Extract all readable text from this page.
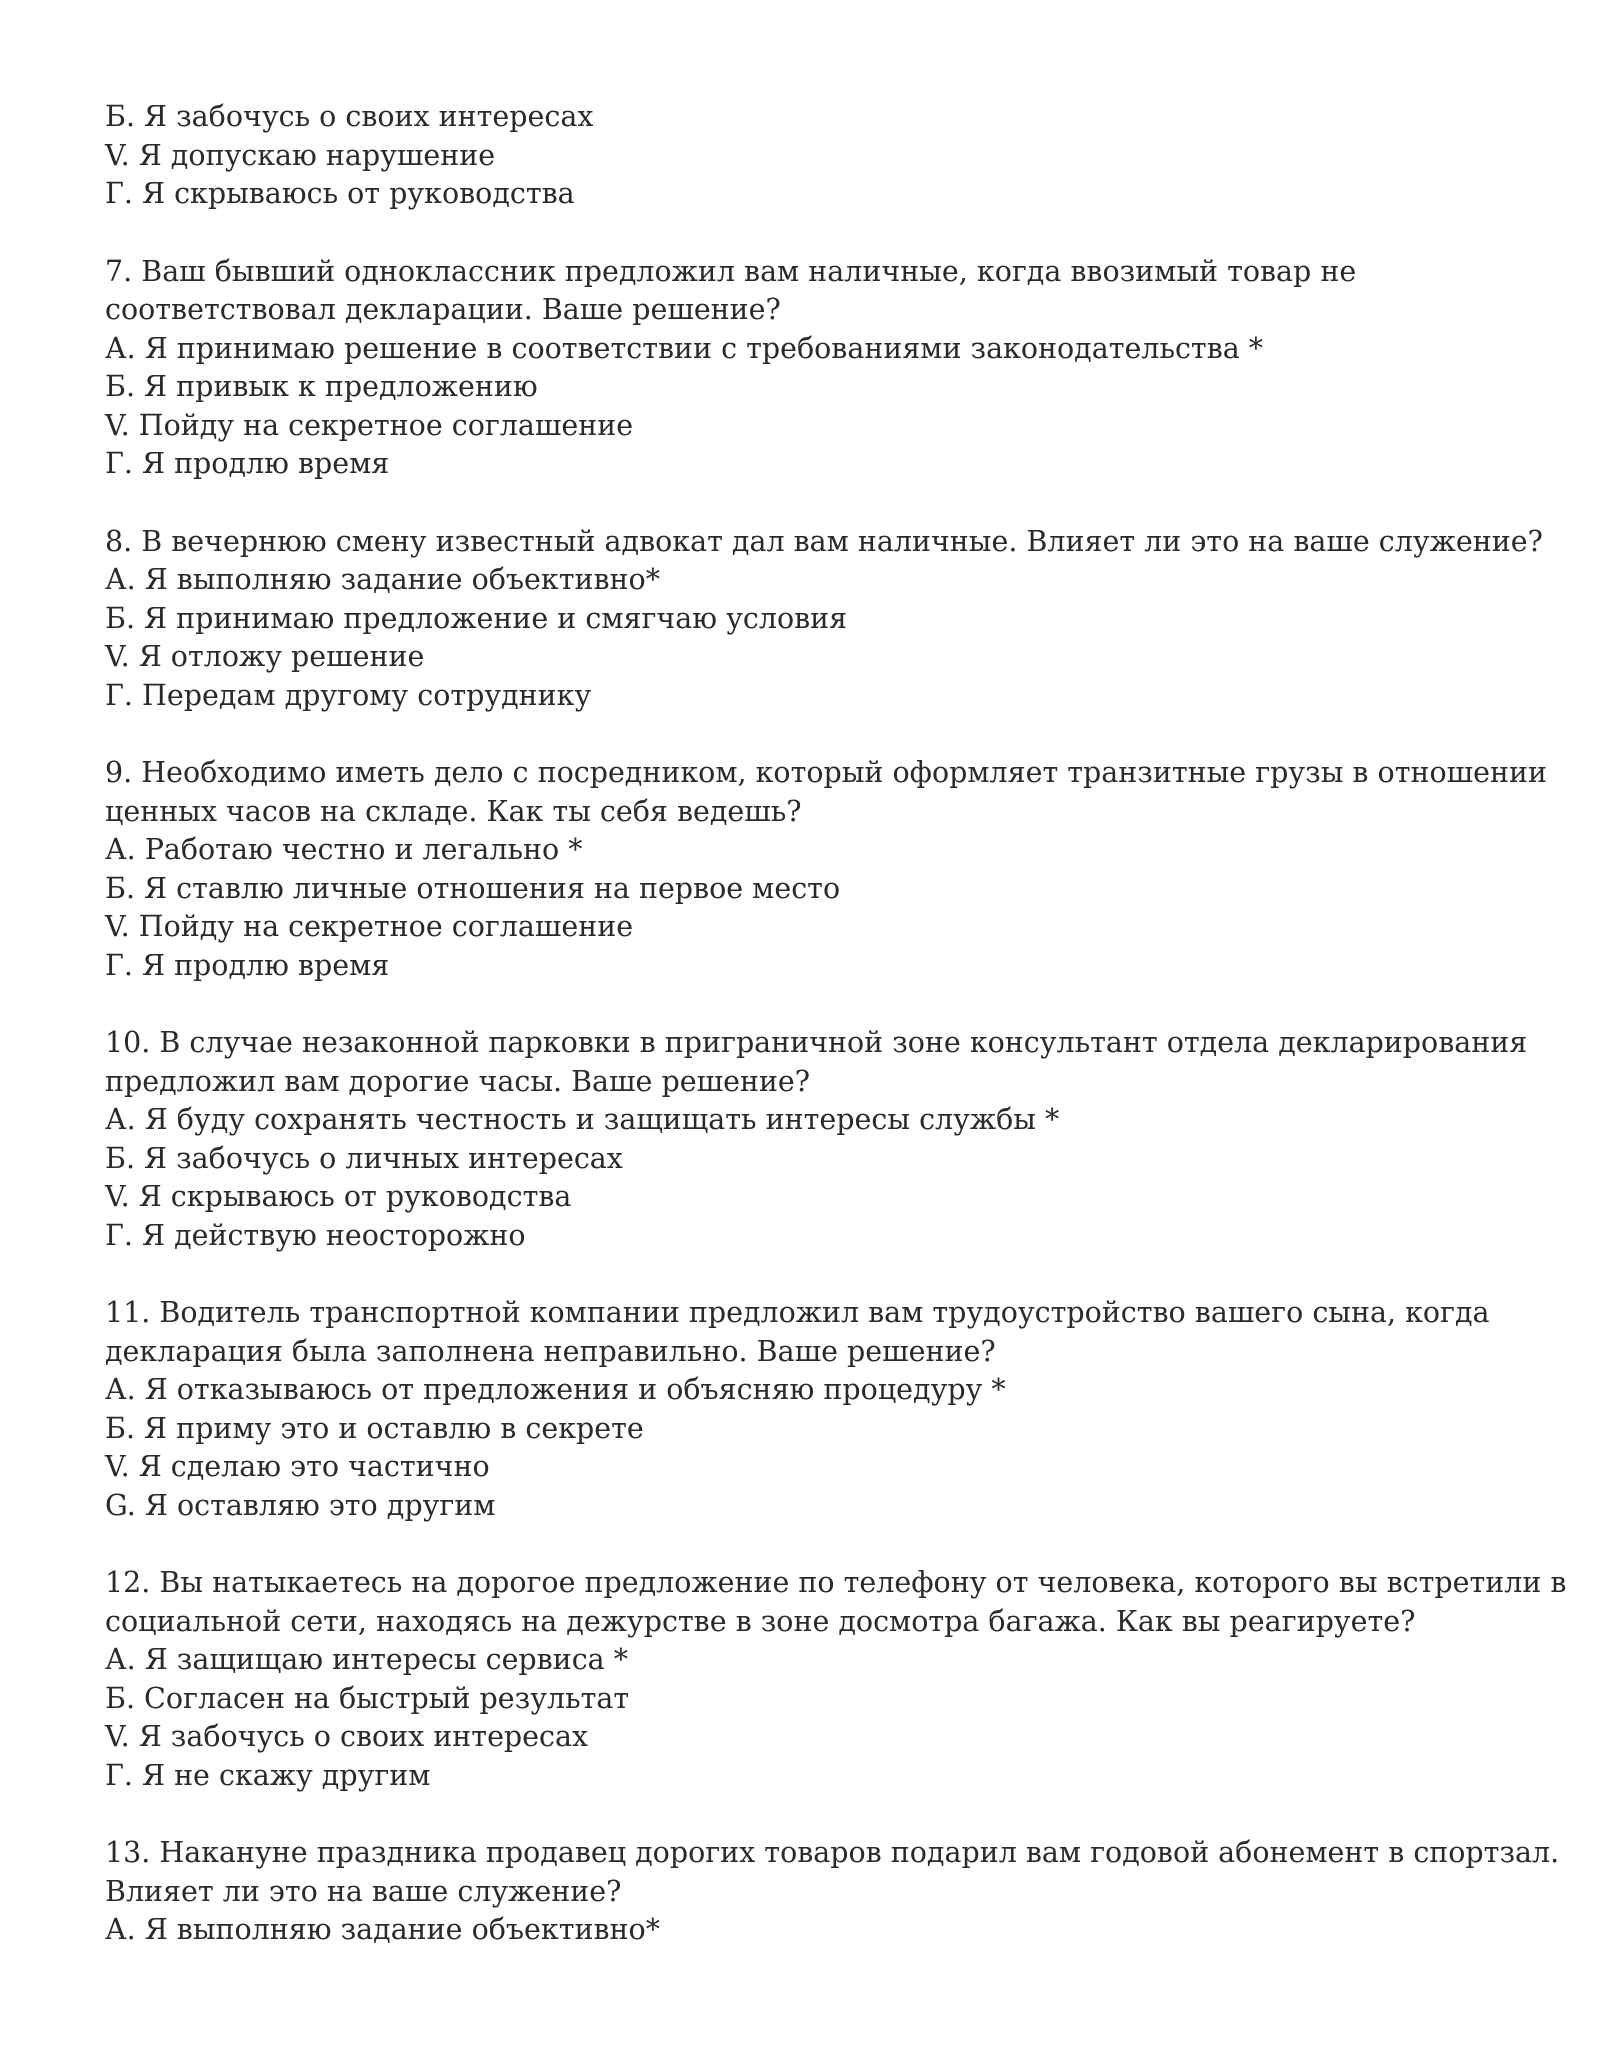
Б. Я забочусь о своих интересах
V. Я допускаю нарушение
Г. Я скрываюсь от руководства
7. Ваш бывший одноклассник предложил вам наличные, когда ввозимый товар не
соответствовал декларации. Ваше решение?
А. Я принимаю решение в соответствии с требованиями законодательства *
Б. Я привык к предложению
V. Пойду на секретное соглашение
Г. Я продлю время
8. В вечернюю смену известный адвокат дал вам наличные. Влияет ли это на ваше служение?
А. Я выполняю задание объективно*
Б. Я принимаю предложение и смягчаю условия
V. Я отложу решение
Г. Передам другому сотруднику
9. Необходимо иметь дело с посредником, который оформляет транзитные грузы в отношении
ценных часов на складе. Как ты себя ведешь?
А. Работаю честно и легально *
Б. Я ставлю личные отношения на первое место
V. Пойду на секретное соглашение
Г. Я продлю время
10. В случае незаконной парковки в приграничной зоне консультант отдела декларирования
предложил вам дорогие часы. Ваше решение?
А. Я буду сохранять честность и защищать интересы службы *
Б. Я забочусь о личных интересах
V. Я скрываюсь от руководства
Г. Я действую неосторожно
11. Водитель транспортной компании предложил вам трудоустройство вашего сына, когда
декларация была заполнена неправильно. Ваше решение?
А. Я отказываюсь от предложения и объясняю процедуру *
Б. Я приму это и оставлю в секрете
V. Я сделаю это частично
G. Я оставляю это другим
12. Вы натыкаетесь на дорогое предложение по телефону от человека, которого вы встретили в
социальной сети, находясь на дежурстве в зоне досмотра багажа. Как вы реагируете?
А. Я защищаю интересы сервиса *
Б. Согласен на быстрый результат
V. Я забочусь о своих интересах
Г. Я не скажу другим
13. Накануне праздника продавец дорогих товаров подарил вам годовой абонемент в спортзал.
Влияет ли это на ваше служение?
А. Я выполняю задание объективно*
